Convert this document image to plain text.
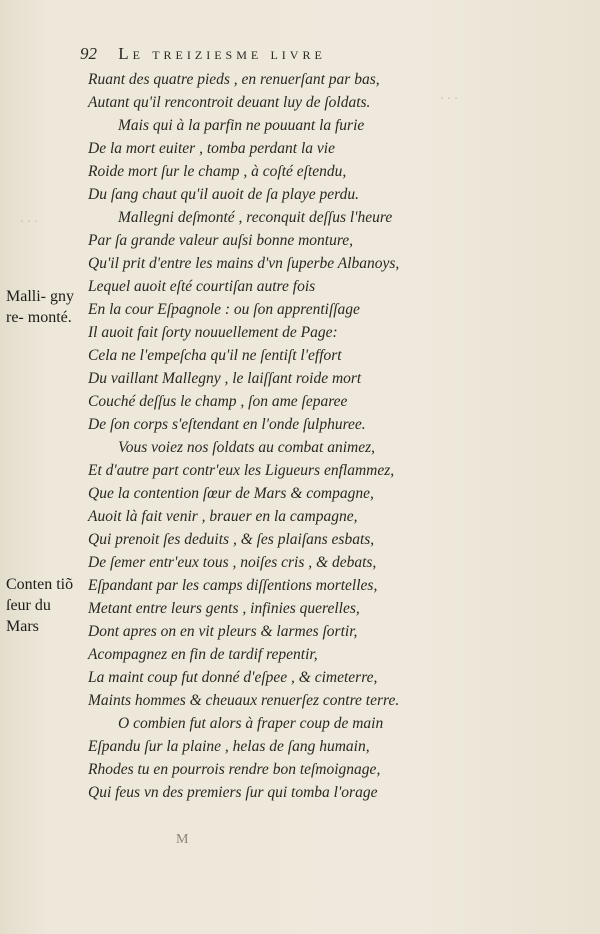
92 Le treiziesme livre
· · ·
· · ·
Ruant des quatre pieds , en renuerſant par bas,
Autant qu'il rencontroit deuant luy de ſoldats.
Mais qui à la parfin ne pouuant la furie
De la mort euiter , tomba perdant la vie
Roide mort ſur le champ , à coſté eſtendu,
Du ſang chaut qu'il auoit de ſa playe perdu.
Mallegni deſmonté , reconquit deſſus l'heure
Par ſa grande valeur auſsi bonne monture,
Qu'il prit d'entre les mains d'vn ſuperbe Albanoys,
Lequel auoit eſté courtiſan autre fois
En la cour Eſpagnole : ou ſon apprentiſſage
Il auoit fait ſorty nouuellement de Page:
Cela ne l'empeſcha qu'il ne ſentiſt l'effort
Du vaillant Mallegny , le laiſſant roide mort
Couché deſſus le champ , ſon ame ſeparee
De ſon corps s'eſtendant en l'onde ſulphuree.
Vous voiez nos ſoldats au combat animez,
Et d'autre part contr'eux les Ligueurs enflammez,
Que la contention ſœur de Mars & compagne,
Auoit là fait venir , brauer en la campagne,
Qui prenoit ſes deduits , & ſes plaiſans esbats,
De ſemer entr'eux tous , noiſes cris , & debats,
Eſpandant par les camps diſſentions mortelles,
Metant entre leurs gents , infinies querelles,
Dont apres on en vit pleurs & larmes ſortir,
Acompagnez en fin de tardif repentir,
La maint coup fut donné d'eſpee , & cimeterre,
Maints hommes & cheuaux renuerſez contre terre.
O combien fut alors à fraper coup de main
Eſpandu ſur la plaine , helas de ſang humain,
Rhodes tu en pourrois rendre bon teſmoignage,
Qui feus vn des premiers ſur qui tomba l'orage
Malli- gny re- monté.
Conten tiõ ſeur du Mars
M
